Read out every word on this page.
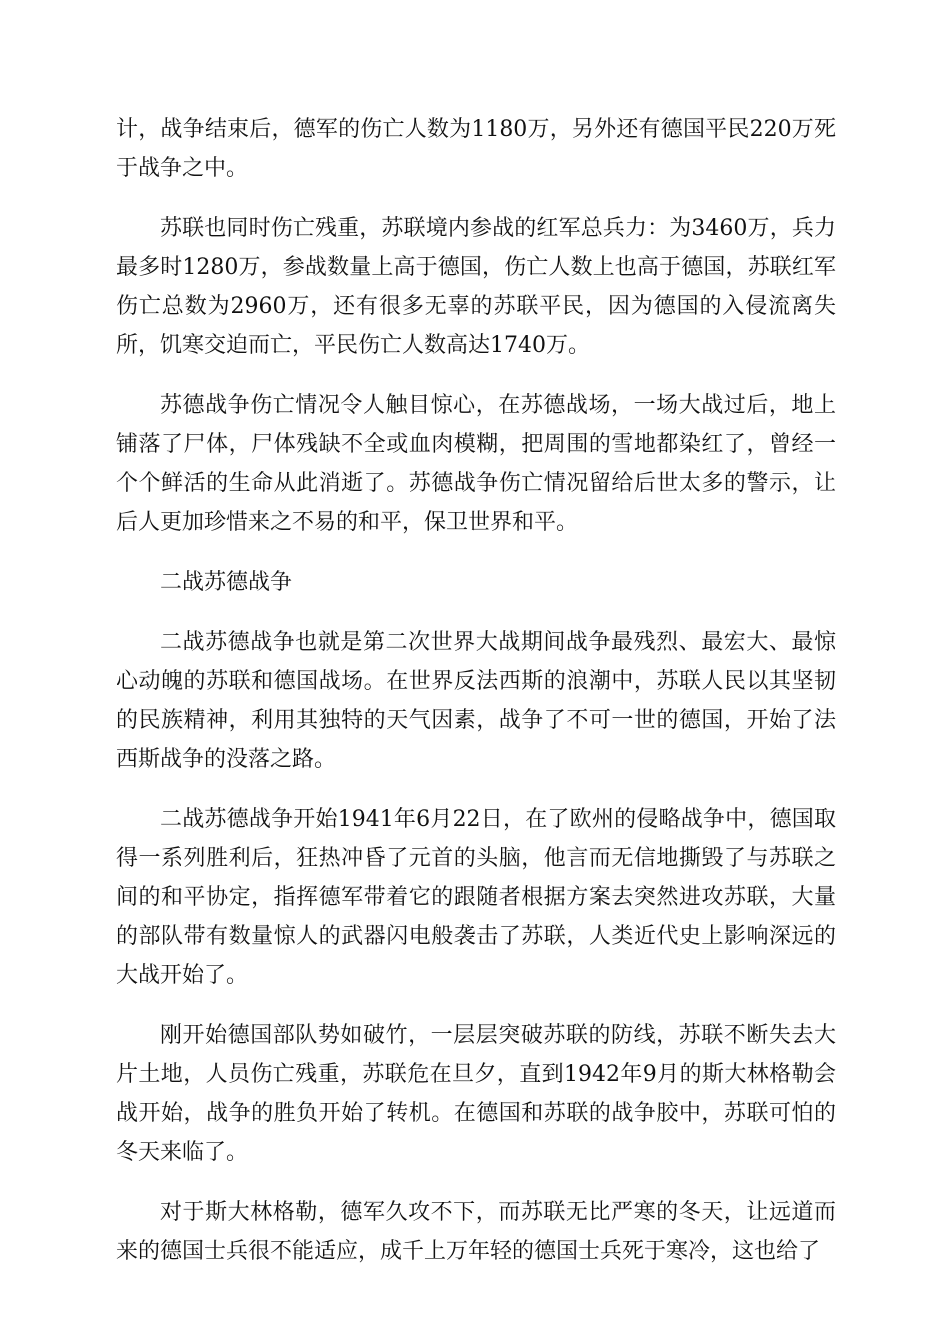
计，战争结束后，德军的伤亡人数为1180万，另外还有德国平民220万死于战争之中。

苏联也同时伤亡残重，苏联境内参战的红军总兵力：为3460万，兵力最多时1280万，参战数量上高于德国，伤亡人数上也高于德国，苏联红军伤亡总数为2960万，还有很多无辜的苏联平民，因为德国的入侵流离失所，饥寒交迫而亡，平民伤亡人数高达1740万。

苏德战争伤亡情况令人触目惊心，在苏德战场，一场大战过后，地上铺落了尸体，尸体残缺不全或血肉模糊，把周围的雪地都染红了，曾经一个个鲜活的生命从此消逝了。苏德战争伤亡情况留给后世太多的警示，让后人更加珍惜来之不易的和平，保卫世界和平。

二战苏德战争

二战苏德战争也就是第二次世界大战期间战争最残烈、最宏大、最惊心动魄的苏联和德国战场。在世界反法西斯的浪潮中，苏联人民以其坚韧的民族精神，利用其独特的天气因素，战争了不可一世的德国，开始了法西斯战争的没落之路。

二战苏德战争开始1941年6月22日，在了欧州的侵略战争中，德国取得一系列胜利后，狂热冲昏了元首的头脑，他言而无信地撕毁了与苏联之间的和平协定，指挥德军带着它的跟随者根据方案去突然进攻苏联，大量的部队带有数量惊人的武器闪电般袭击了苏联，人类近代史上影响深远的大战开始了。

刚开始德国部队势如破竹，一层层突破苏联的防线，苏联不断失去大片土地，人员伤亡残重，苏联危在旦夕，直到1942年9月的斯大林格勒会战开始，战争的胜负开始了转机。在德国和苏联的战争胶中，苏联可怕的冬天来临了。

对于斯大林格勒，德军久攻不下，而苏联无比严寒的冬天，让远道而来的德国士兵很不能适应，成千上万年轻的德国士兵死于寒冷，这也给了
